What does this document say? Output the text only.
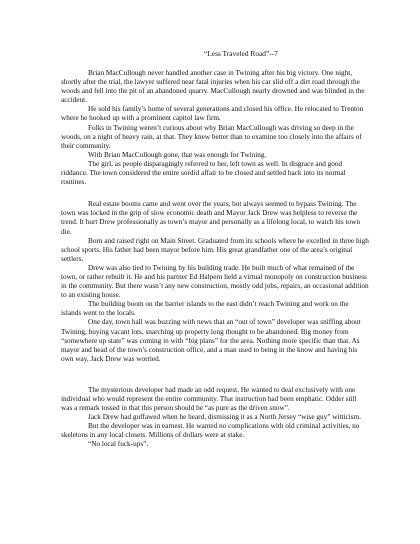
“Less Traveled Road”--7

Brian MacCullough never handled another case in Twining after his big victory. One night, shortly after the trial, the lawyer suffered near fatal injuries when his car slid off a dirt road through the woods and fell into the pit of an abandoned quarry. MacCullough nearly drowned and was blinded in the accident.

He sold his family’s home of several generations and closed his office. He relocated to Trenton where he hooked up with a prominent capitol law firm.

Folks in Twining weren’t curious about why Brian MacCullough was driving so deep in the woods, on a night of heavy rain, at that. They knew better than to examine too closely into the affairs of their community.

With Brian MacCullough gone, that was enough for Twining.

The girl, as people disparagingly referred to her, left town as well. In disgrace and good riddance. The town considered the entire sordid affair to be closed and settled back into its normal routines.

Real estate booms came and went over the years, but always seemed to bypass Twining. The town was locked in the grip of slow economic death and Mayor Jack Drew was helpless to reverse the trend. It hurt Drew professionally as town’s mayor and personally as a lifelong local, to watch his town die.

Born and raised right on Main Street. Graduated from its schools where he excelled in three high school sports. His father had been mayor before him. His great grandfather one of the area’s original settlers.

Drew was also tied to Twining by his building trade. He built much of what remained of the town, or rather rebuilt it. He and his partner Ed Halpern held a virtual monopoly on construction business in the community. But there wasn’t any new construction, mostly odd jobs, repairs, an occasional addition to an existing house.

The building boom on the barrier islands to the east didn’t reach Twining and work on the islands went to the locals.

One day, town hall was buzzing with news that an “out of town” developer was sniffing about Twining, buying vacant lots, snarching up property long thought to be abandoned. Big money from “somewhere up state” was coming in with “big plans” for the area. Nothing more specific than that. As mayor and head of the town’s construction office, and a man used to being in the know and having his own way, Jack Drew was worried.

The mysterious developer had made an odd request. He wanted to deal exclusively with one individual who would represent the entire community. That instruction had been emphatic. Odder still was a remark tossed in that this person should be “as pure as the driven snow”.

Jack Drew had guffawed when he heard, dismissing it as a North Jersey “wise guy” witticism.

But the developer was in earnest. He wanted no complications with old criminal activities, no skeletons in any local closets. Millions of dollars were at stake.

“No local fuck-ups”.
